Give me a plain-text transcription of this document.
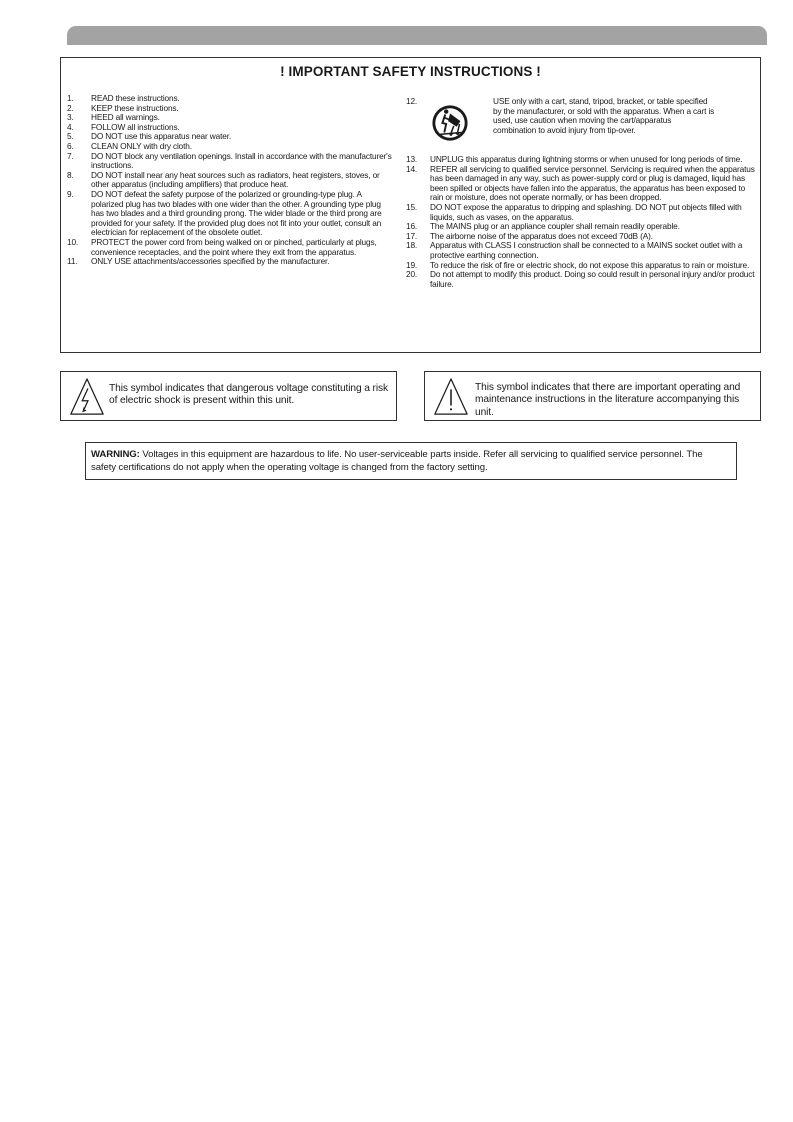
! IMPORTANT SAFETY INSTRUCTIONS !
1. READ these instructions.
2. KEEP these instructions.
3. HEED all warnings.
4. FOLLOW all instructions.
5. DO NOT use this apparatus near water.
6. CLEAN ONLY with dry cloth.
7. DO NOT block any ventilation openings. Install in accordance with the manufacturer's instructions.
8. DO NOT install near any heat sources such as radiators, heat registers, stoves, or other apparatus (including amplifiers) that produce heat.
9. DO NOT defeat the safety purpose of the polarized or grounding-type plug. A polarized plug has two blades with one wider than the other. A grounding type plug has two blades and a third grounding prong. The wider blade or the third prong are provided for your safety. If the provided plug does not fit into your outlet, consult an electrician for replacement of the obsolete outlet.
10. PROTECT the power cord from being walked on or pinched, particularly at plugs, convenience receptacles, and the point where they exit from the apparatus.
11. ONLY USE attachments/accessories specified by the manufacturer.
12.	USE only with a cart, stand, tripod, bracket, or table specified by the manufacturer, or sold with the apparatus. When a cart is used, use caution when moving the cart/apparatus combination to avoid injury from tip-over.
13. UNPLUG this apparatus during lightning storms or when unused for long periods of time.
14. REFER all servicing to qualified service personnel. Servicing is required when the apparatus has been damaged in any way, such as power-supply cord or plug is damaged, liquid has been spilled or objects have fallen into the apparatus, the apparatus has been exposed to rain or moisture, does not operate normally, or has been dropped.
15. DO NOT expose the apparatus to dripping and splashing. DO NOT put objects filled with liquids, such as vases, on the apparatus.
16. The MAINS plug or an appliance coupler shall remain readily operable.
17. The airborne noise of the apparatus does not exceed 70dB (A).
18. Apparatus with CLASS I construction shall be connected to a MAINS socket outlet with a protective earthing connection.
19. To reduce the risk of fire or electric shock, do not expose this apparatus to rain or moisture.
20. Do not attempt to modify this product. Doing so could result in personal injury and/or product failure.
This symbol indicates that dangerous voltage constituting a risk of electric shock is present within this unit.
This symbol indicates that there are important operating and maintenance instructions in the literature accompanying this unit.
WARNING: Voltages in this equipment are hazardous to life. No user-serviceable parts inside. Refer all servicing to qualified service personnel. The safety certifications do not apply when the operating voltage is changed from the factory setting.
